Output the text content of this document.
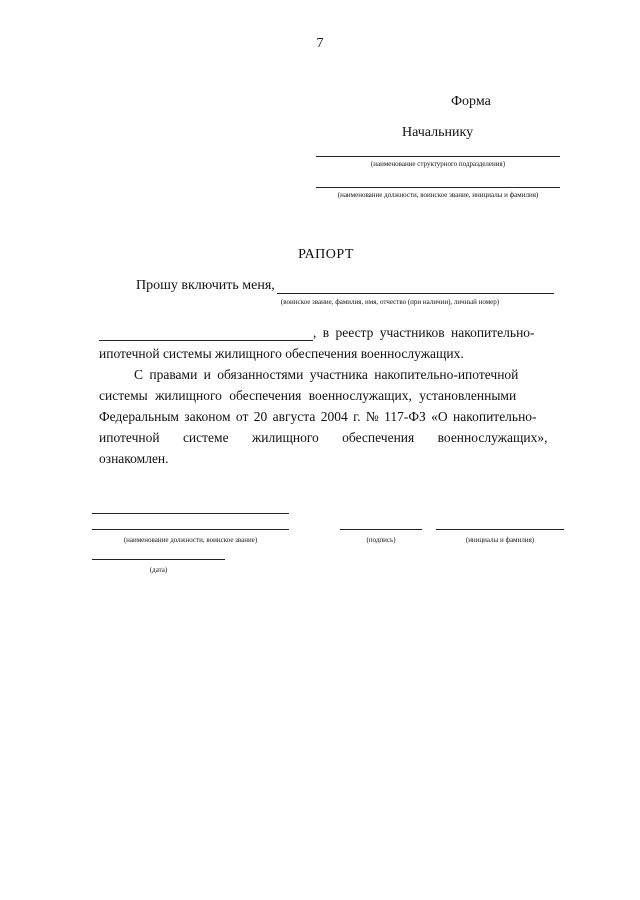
7
Форма
Начальнику
(наименование структурного подразделения)
(наименование должности, воинское звание, инициалы и фамилия)
РАПОРТ
Прошу включить меня,
(воинское звание, фамилия, имя, отчество (при наличии), личный номер)
, в реестр участников накопительно-
ипотечной системы жилищного обеспечения военнослужащих.
С правами и обязанностями участника накопительно-ипотечной
системы жилищного обеспечения военнослужащих, установленными
Федеральным законом от 20 августа 2004 г. № 117-ФЗ «О накопительно-
ипотечной системе жилищного обеспечения военнослужащих»,
ознакомлен.
(наименование должности, воинское звание)	(подпись)	(инициалы и фамилия)
(дата)
